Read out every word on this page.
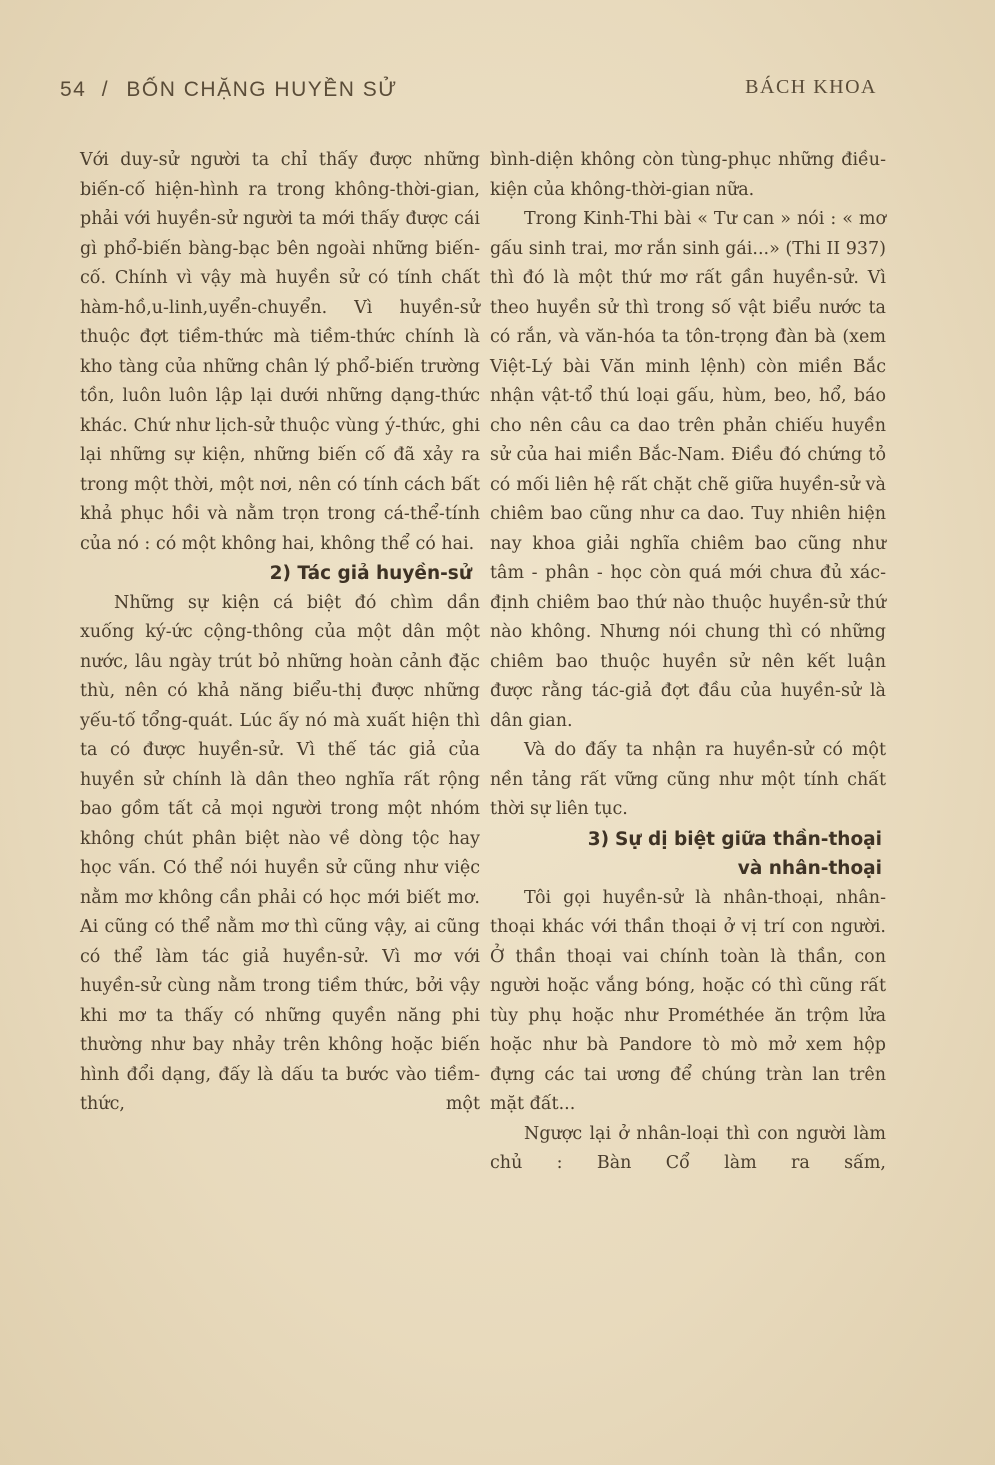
54 / BỐN CHẶNG HUYỀN SỬ	BÁCH KHOA

Với duy-sử người ta chỉ thấy được những biến-cố hiện-hình ra trong không-thời-gian, phải với huyền-sử người ta mới thấy được cái gì phổ-biến bàng-bạc bên ngoài những biến-cố. Chính vì vậy mà huyền sử có tính chất hàm-hồ,u-linh,uyển-chuyển. Vì huyền-sử thuộc đợt tiềm-thức mà tiềm-thức chính là kho tàng của những chân lý phổ-biến trường tồn, luôn luôn lập lại dưới những dạng-thức khác. Chứ như lịch-sử thuộc vùng ý-thức, ghi lại những sự kiện, những biến cố đã xảy ra trong một thời, một nơi, nên có tính cách bất khả phục hồi và nằm trọn trong cá-thể-tính của nó : có một không hai, không thể có hai.

2) Tác giả huyền-sử

Những sự kiện cá biệt đó chìm dần xuống ký-ức cộng-thông của một dân một nước, lâu ngày trút bỏ những hoàn cảnh đặc thù, nên có khả năng biểu-thị được những yếu-tố tổng-quát. Lúc ấy nó mà xuất hiện thì ta có được huyền-sử. Vì thế tác giả của huyền sử chính là dân theo nghĩa rất rộng bao gồm tất cả mọi người trong một nhóm không chút phân biệt nào về dòng tộc hay học vấn. Có thể nói huyền sử cũng như việc nằm mơ không cần phải có học mới biết mơ. Ai cũng có thể nằm mơ thì cũng vậy, ai cũng có thể làm tác giả huyền-sử. Vì mơ với huyền-sử cùng nằm trong tiềm thức, bởi vậy khi mơ ta thấy có những quyền năng phi thường như bay nhảy trên không hoặc biến hình đổi dạng, đấy là dấu ta bước vào tiềm-thức, một

bình-diện không còn tùng-phục những điều-kiện của không-thời-gian nữa.

Trong Kinh-Thi bài « Tư can » nói : « mơ gấu sinh trai, mơ rắn sinh gái...» (Thi II 937) thì đó là một thứ mơ rất gần huyền-sử. Vì theo huyền sử thì trong số vật biểu nước ta có rắn, và văn-hóa ta tôn-trọng đàn bà (xem Việt-Lý bài Văn minh lệnh) còn miền Bắc nhận vật-tổ thú loại gấu, hùm, beo, hổ, báo cho nên câu ca dao trên phản chiếu huyền sử của hai miền Bắc-Nam. Điều đó chứng tỏ có mối liên hệ rất chặt chẽ giữa huyền-sử và chiêm bao cũng như ca dao. Tuy nhiên hiện nay khoa giải nghĩa chiêm bao cũng như tâm - phân - học còn quá mới chưa đủ xác-định chiêm bao thứ nào thuộc huyền-sử thứ nào không. Nhưng nói chung thì có những chiêm bao thuộc huyền sử nên kết luận được rằng tác-giả đợt đầu của huyền-sử là dân gian.

Và do đấy ta nhận ra huyền-sử có một nền tảng rất vững cũng như một tính chất thời sự liên tục.

3) Sự dị biệt giữa thần-thoại
và nhân-thoại

Tôi gọi huyền-sử là nhân-thoại, nhân-thoại khác với thần thoại ở vị trí con người. Ở thần thoại vai chính toàn là thần, con người hoặc vắng bóng, hoặc có thì cũng rất tùy phụ hoặc như Prométhée ăn trộm lửa hoặc như bà Pandore tò mò mở xem hộp đựng các tai ương để chúng tràn lan trên mặt đất...

Ngược lại ở nhân-loại thì con người làm chủ : Bàn Cổ làm ra sấm,
